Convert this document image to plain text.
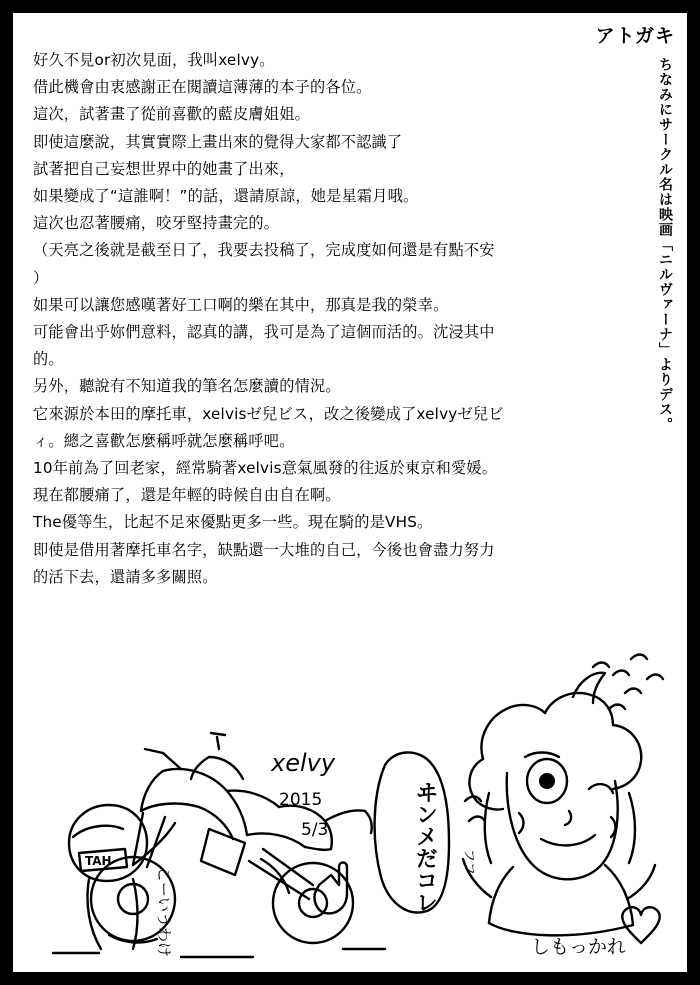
アトガキ
ちなみにサークル名は映画「ニルヴァーナ」よりデス。

好久不見or初次見面，我叫xelvy。

借此機會由衷感謝正在閱讀這薄薄的本子的各位。

這次，試著畫了從前喜歡的藍皮膚姐姐。

即使這麼說，其實實際上畫出來的覺得大家都不認識了

試著把自己妄想世界中的她畫了出來，

如果變成了“這誰啊！”的話，還請原諒，她是星霜月哦。

這次也忍著腰痛，咬牙堅持畫完的。

（天亮之後就是截至日了，我要去投稿了，完成度如何還是有點不安

）

如果可以讓您感嘆著好工口啊的樂在其中，那真是我的榮幸。

可能會出乎妳們意料，認真的講，我可是為了這個而活的。沈浸其中

的。

另外，聽說有不知道我的筆名怎麼讀的情況。

它來源於本田的摩托車，xelvisゼ兒ビス，改之後變成了xelvyゼ兒ビ

ィ。總之喜歡怎麼稱呼就怎麼稱呼吧。

10年前為了回老家，經常騎著xelvis意氣風發的往返於東京和愛媛。

現在都腰痛了，還是年輕的時候自由自在啊。

The優等生，比起不足來優點更多一些。現在騎的是VHS。

即使是借用著摩托車名字，缺點還一大堆的自己，今後也會盡力努力

的活下去，還請多多關照。

TAH
こーいうわけ
xelvy
2015
5/3	ヰンメだコレ フフ
しもっかれ
